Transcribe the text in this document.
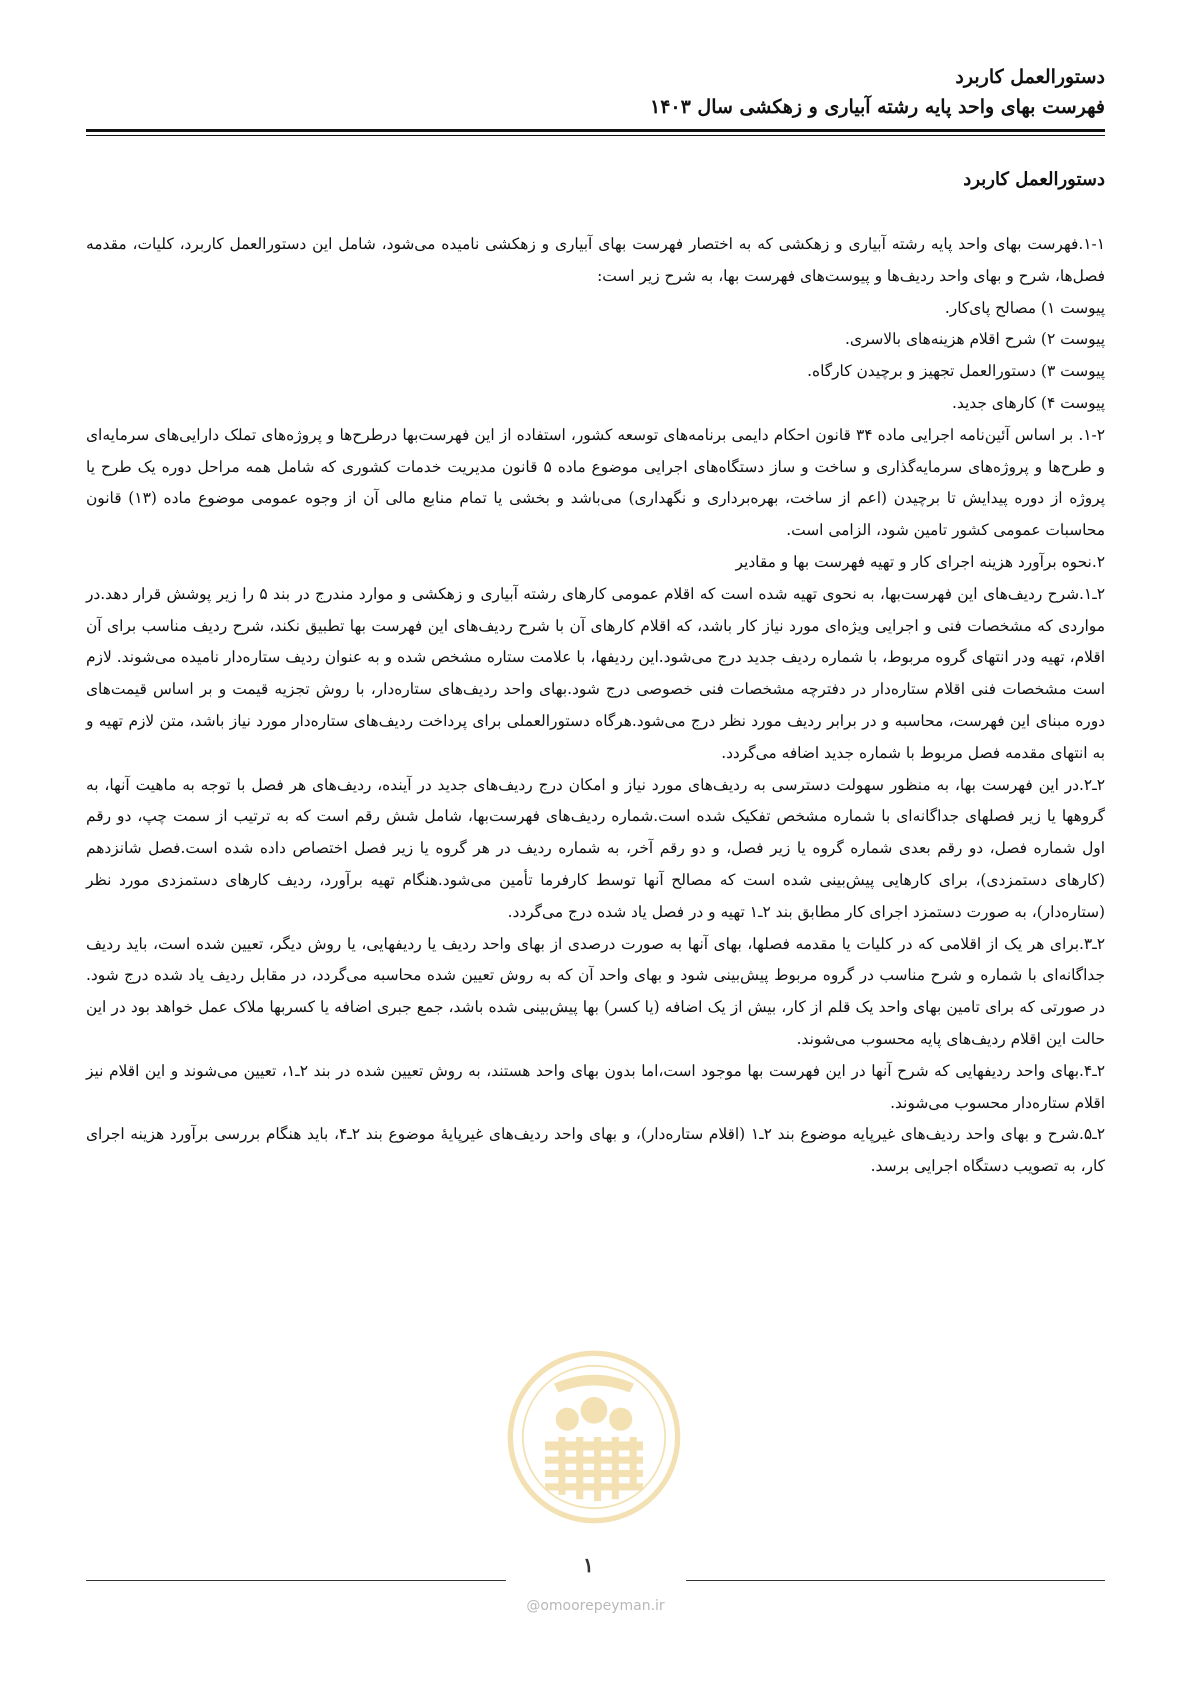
دستورالعمل کاربرد
فهرست بهای واحد پایه رشته آبیاری و زهکشی سال ۱۴۰۳
دستورالعمل کاربرد

۱-۱.فهرست بهای واحد پایه رشته آبیاری و زهکشی که به اختصار فهرست بهای آبیاری و زهکشی نامیده می‌شود، شامل این دستورالعمل کاربرد، کلیات، مقدمه فصل‌ها، شرح و بهای واحد ردیف‌ها و پیوست‌های فهرست بها، به شرح زیر است:

پیوست ۱) مصالح پای‌کار.

پیوست ۲) شرح اقلام هزینه‌های بالاسری.

پیوست ۳) دستورالعمل تجهیز و برچیدن کارگاه.

پیوست ۴) کارهای جدید.

۱-۲. بر اساس آئین‌نامه اجرایی ماده ۳۴ قانون احکام دایمی برنامه‌های توسعه کشور، استفاده از این فهرست‌بها درطرح‌ها و پروژه‌های تملک دارایی‌های سرمایه‌ای و طرح‌ها و پروژه‌های سرمایه‌گذاری و ساخت و ساز دستگاه‌های اجرایی موضوع ماده ۵ قانون مدیریت خدمات کشوری که شامل همه مراحل دوره یک طرح یا پروژه از دوره پیدایش تا برچیدن (اعم از ساخت، بهره‌برداری و نگهداری) می‌باشد و بخشی یا تمام منابع مالی آن از وجوه عمومی موضوع ماده (۱۳) قانون محاسبات عمومی کشور تامین شود، الزامی است.

۲.نحوه برآورد هزینه اجرای کار و تهیه فهرست بها و مقادیر

۲ـ۱.شرح ردیف‌های این فهرست‌بها، به نحوی تهیه شده است که اقلام عمومی کارهای رشته آبیاری و زهکشی و موارد مندرج در بند ۵ را زیر پوشش قرار دهد.در مواردی که مشخصات فنی و اجرایی ویژه‌ای مورد نیاز کار باشد، که اقلام کارهای آن با شرح ردیف‌های این فهرست بها تطبیق نکند، شرح ردیف مناسب برای آن اقلام، تهیه ودر انتهای گروه مربوط، با شماره ردیف جدید درج می‌شود.این ردیفها، با علامت ستاره مشخص شده و به عنوان ردیف ستاره‌دار نامیده می‌شوند. لازم است مشخصات فنی اقلام ستاره‌دار در دفترچه مشخصات فنی خصوصی درج شود.بهای واحد ردیف‌های ستاره‌دار، با روش تجزیه قیمت و بر اساس قیمت‌های دوره مبنای این فهرست، محاسبه و در برابر ردیف مورد نظر درج می‌شود.هرگاه دستورالعملی برای پرداخت ردیف‌های ستاره‌دار مورد نیاز باشد، متن لازم تهیه و به انتهای مقدمه فصل مربوط با شماره جدید اضافه می‌گردد.

۲ـ۲.در این فهرست بها، به منظور سهولت دسترسی به ردیف‌های مورد نیاز و امکان درج ردیف‌های جدید در آینده، ردیف‌های هر فصل با توجه به ماهیت آنها، به گروهها یا زیر فصلهای جداگانه‌ای با شماره مشخص تفکیک شده است.شماره ردیف‌های فهرست‌بها، شامل شش رقم است که به ترتیب از سمت چپ، دو رقم اول شماره فصل، دو رقم بعدی شماره گروه یا زیر فصل، و دو رقم آخر، به شماره ردیف در هر گروه یا زیر فصل اختصاص داده شده است.فصل شانزدهم (کارهای دستمزدی)، برای کارهایی پیش‌بینی شده است که مصالح آنها توسط کارفرما تأمین می‌شود.هنگام تهیه برآورد، ردیف کارهای دستمزدی مورد نظر (ستاره‌دار)، به صورت دستمزد اجرای کار مطابق بند ۲ـ۱ تهیه و در فصل یاد شده درج می‌گردد.

۲ـ۳.برای هر یک از اقلامی که در کلیات یا مقدمه فصلها، بهای آنها به صورت درصدی از بهای واحد ردیف یا ردیفهایی، یا روش دیگر، تعیین شده است، باید ردیف جداگانه‌ای با شماره و شرح مناسب در گروه مربوط پیش‌بینی شود و بهای واحد آن که به روش تعیین شده محاسبه می‌گردد، در مقابل ردیف یاد شده درج شود. در صورتی که برای تامین بهای واحد یک قلم از کار، بیش از یک اضافه (یا کسر) بها پیش‌بینی شده باشد، جمع جبری اضافه یا کسربها ملاک عمل خواهد بود در این حالت این اقلام ردیف‌های پایه محسوب می‌شوند.

۲ـ۴.بهای واحد ردیفهایی که شرح آنها در این فهرست بها موجود است،اما بدون بهای واحد هستند، به روش تعیین شده در بند ۲ـ۱، تعیین می‌شوند و این اقلام نیز اقلام ستاره‌دار محسوب می‌شوند.

۲ـ۵.شرح و بهای واحد ردیف‌های غیرپایه موضوع بند ۲ـ۱ (اقلام ستاره‌دار)، و بهای واحد ردیف‌های غیرپایهٔ موضوع بند ۲ـ۴، باید هنگام بررسی برآورد هزینه اجرای کار، به تصویب دستگاه اجرایی برسد.

۱
@omoorepeyman.ir
